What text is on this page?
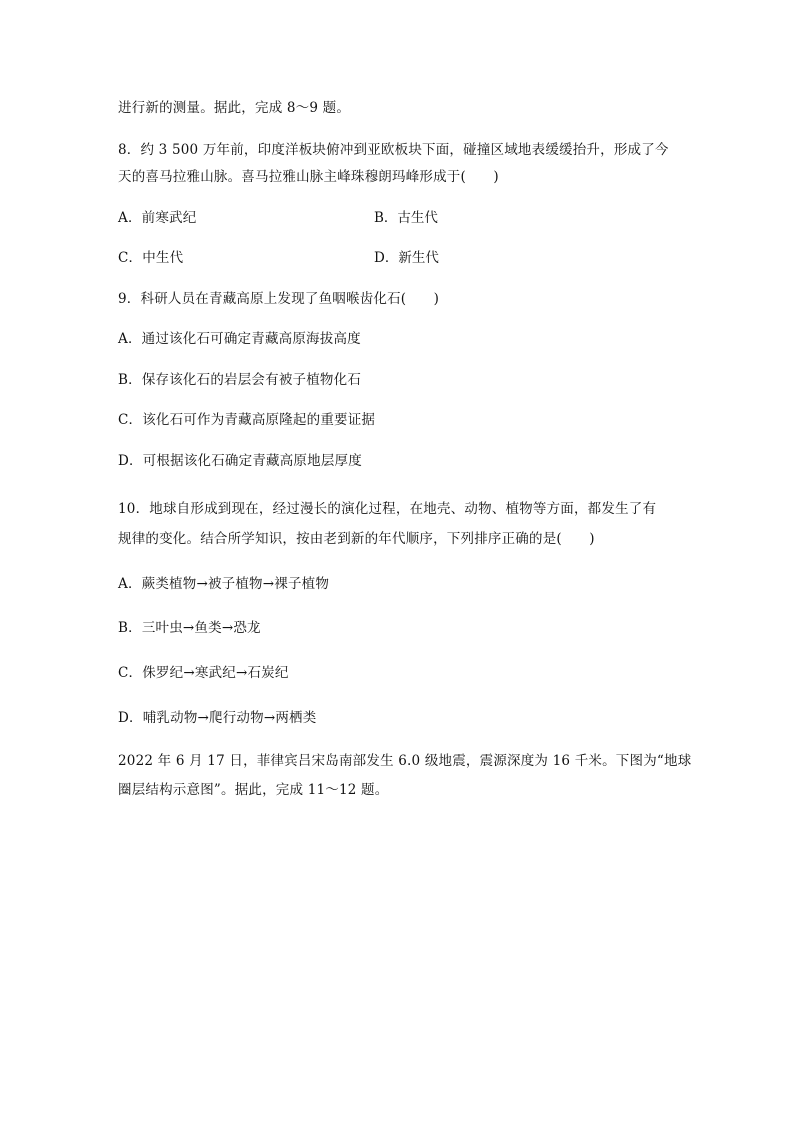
进行新的测量。据此，完成 8～9 题。
8．约 3 500 万年前，印度洋板块俯冲到亚欧板块下面，碰撞区域地表缓缓抬升，形成了今
天的喜马拉雅山脉。喜马拉雅山脉主峰珠穆朗玛峰形成于(　　)
A．前寒武纪	B．古生代
C．中生代	D．新生代
9．科研人员在青藏高原上发现了鱼咽喉齿化石(　　)
A．通过该化石可确定青藏高原海拔高度
B．保存该化石的岩层会有被子植物化石
C．该化石可作为青藏高原隆起的重要证据
D．可根据该化石确定青藏高原地层厚度
10．地球自形成到现在，经过漫长的演化过程，在地壳、动物、植物等方面，都发生了有
规律的变化。结合所学知识，按由老到新的年代顺序，下列排序正确的是(　　)
A．蕨类植物→被子植物→裸子植物
B．三叶虫→鱼类→恐龙
C．侏罗纪→寒武纪→石炭纪
D．哺乳动物→爬行动物→两栖类
2022 年 6 月 17 日，菲律宾吕宋岛南部发生 6.0 级地震，震源深度为 16 千米。下图为“地球
圈层结构示意图”。据此，完成 11～12 题。
